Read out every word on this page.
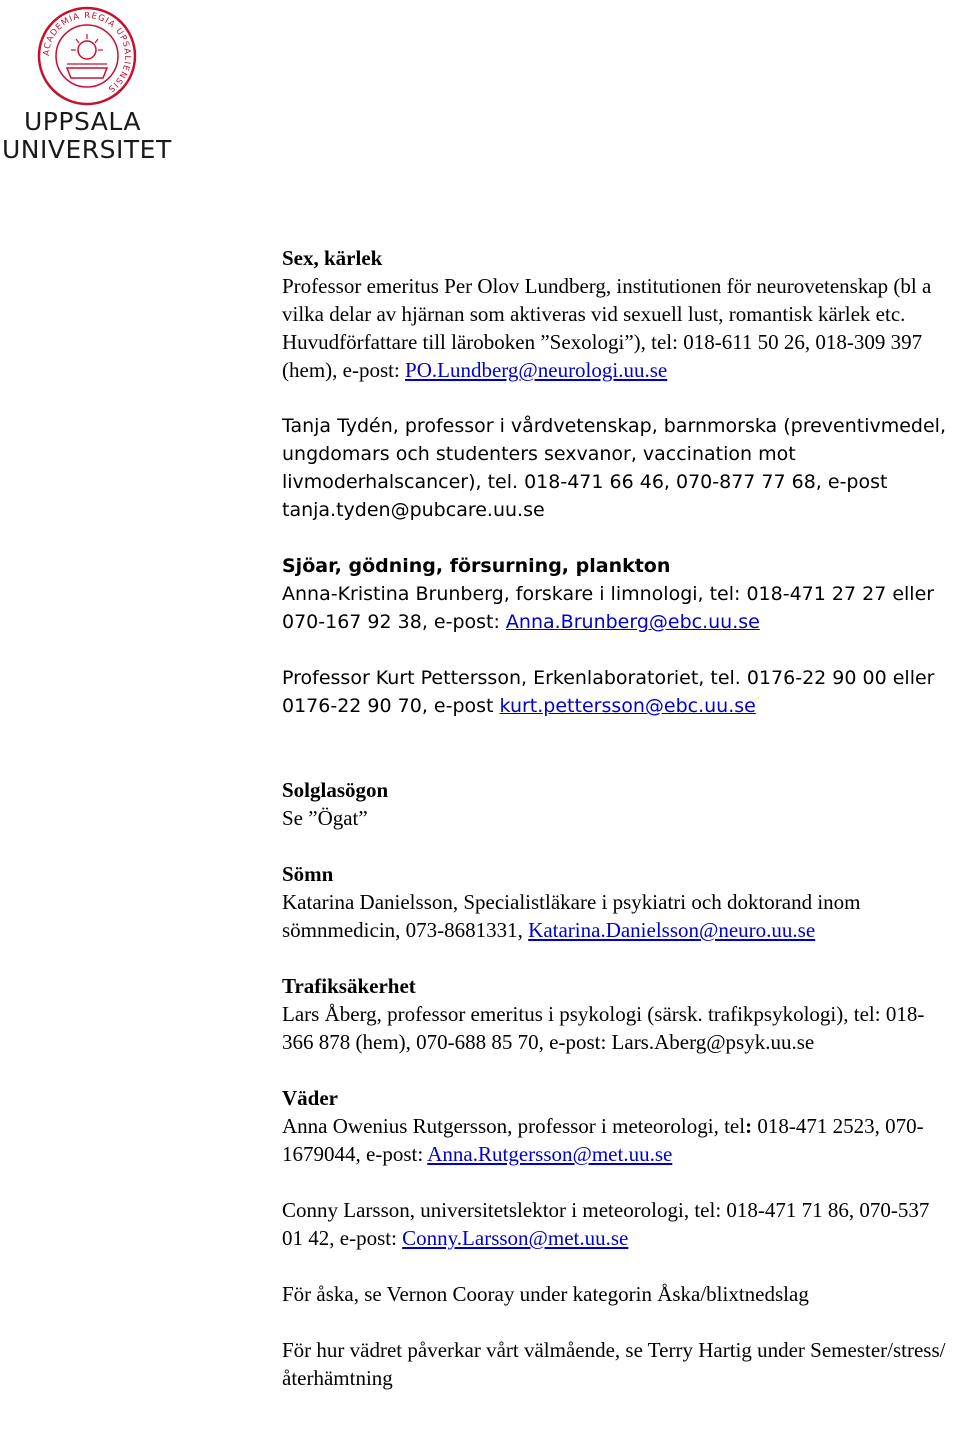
ACADEMIA REGIA UPSALIENSIS
UPPSALA
UNIVERSITET

Sex, kärlek

Professor emeritus Per Olov Lundberg, institutionen för neurovetenskap (bl a vilka delar av hjärnan som aktiveras vid sexuell lust, romantisk kärlek etc. Huvudförfattare till läroboken ”Sexologi”), tel: 018-611 50 26, 018-309 397 (hem), e-post: PO.Lundberg@neurologi.uu.se

Tanja Tydén, professor i vårdvetenskap, barnmorska (preventivmedel, ungdomars och studenters sexvanor, vaccination mot livmoderhalscancer), tel. 018-471 66 46, 070-877 77 68, e-post tanja.tyden@pubcare.uu.se

Sjöar, gödning, försurning, plankton

Anna-Kristina Brunberg, forskare i limnologi, tel: 018-471 27 27 eller 070-167 92 38, e-post: Anna.Brunberg@ebc.uu.se

Professor Kurt Pettersson, Erkenlaboratoriet, tel. 0176-22 90 00 eller 0176-22 90 70, e-post kurt.pettersson@ebc.uu.se

Solglasögon

Se ”Ögat”

Sömn

Katarina Danielsson, Specialistläkare i psykiatri och doktorand inom sömnmedicin, 073-8681331, Katarina.Danielsson@neuro.uu.se

Trafiksäkerhet

Lars Åberg, professor emeritus i psykologi (särsk. trafikpsykologi), tel: 018-366 878 (hem), 070-688 85 70, e-post: Lars.Aberg@psyk.uu.se

Väder

Anna Owenius Rutgersson, professor i meteorologi, tel: 018-471 2523, 070-1679044, e-post: Anna.Rutgersson@met.uu.se

Conny Larsson, universitetslektor i meteorologi, tel: 018-471 71 86, 070-537 01 42, e-post: Conny.Larsson@met.uu.se

För åska, se Vernon Cooray under kategorin Åska/blixtnedslag

För hur vädret påverkar vårt välmående, se Terry Hartig under Semester/stress/återhämtning
